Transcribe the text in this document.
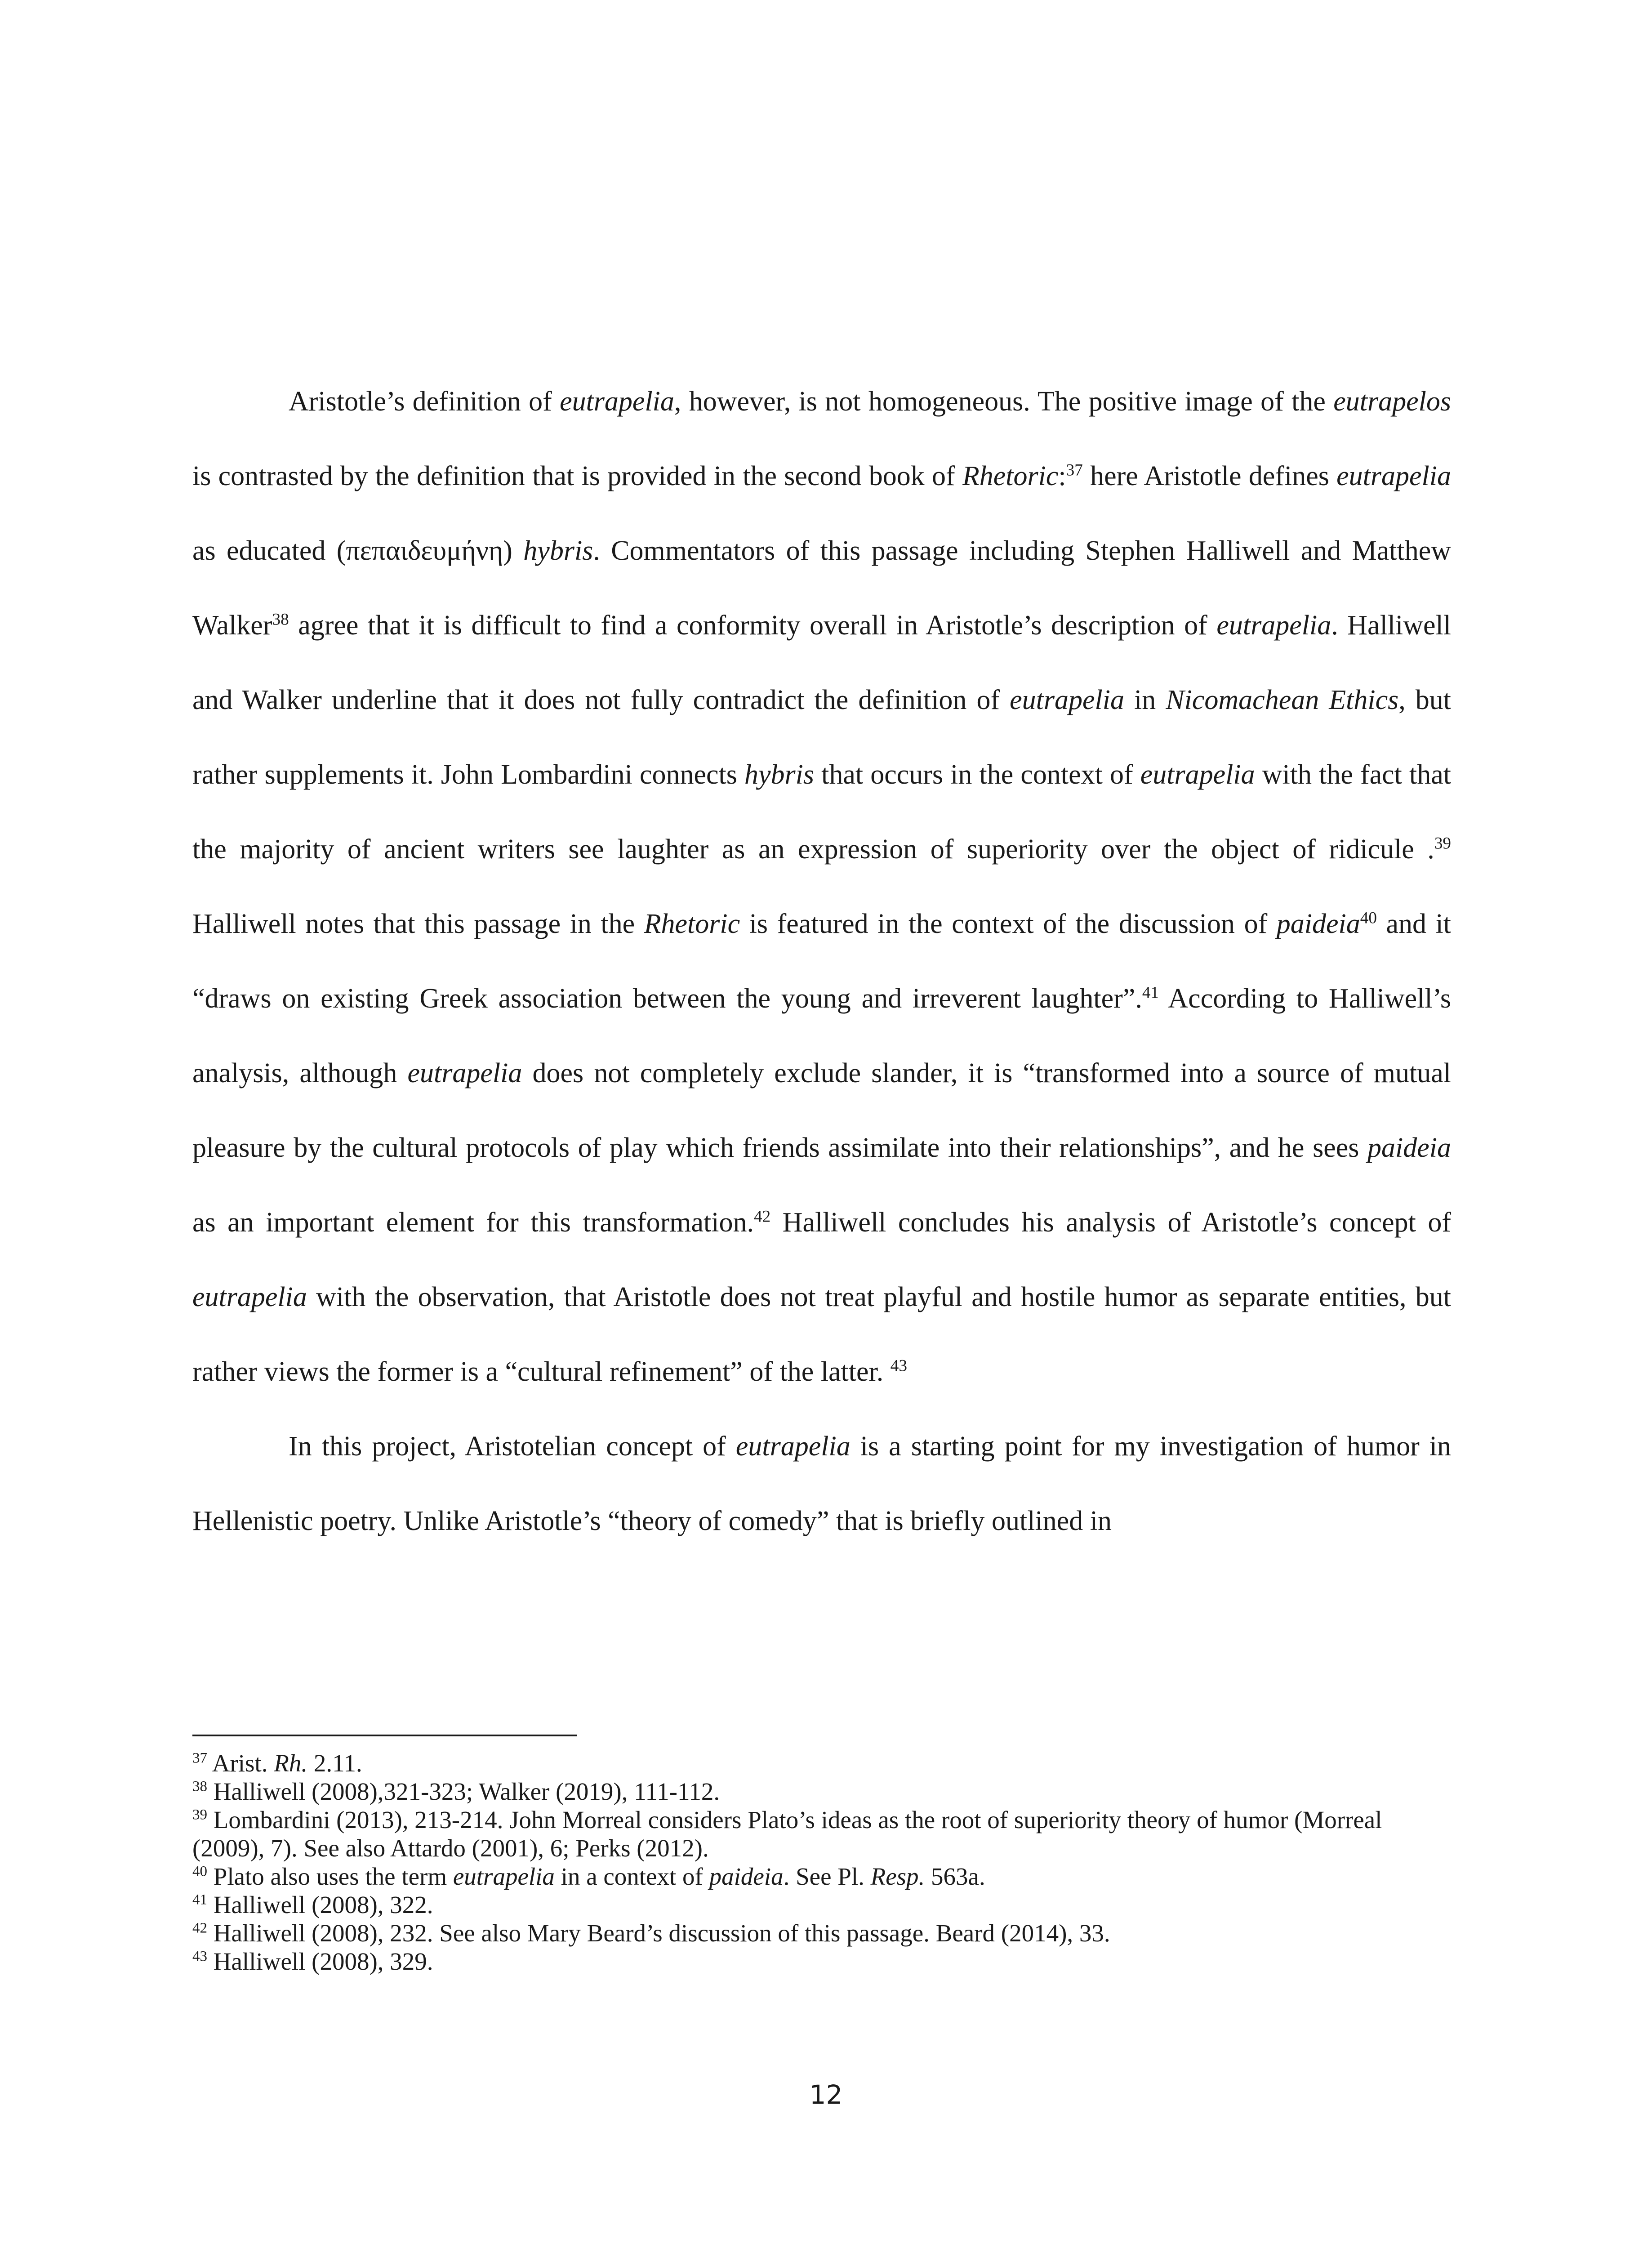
Aristotle’s definition of eutrapelia, however, is not homogeneous. The positive image of the eutrapelos is contrasted by the definition that is provided in the second book of Rhetoric:$^{37}$ here Aristotle defines eutrapelia as educated (πεπαιδευμήνη) hybris. Commentators of this passage including Stephen Halliwell and Matthew Walker$^{38}$ agree that it is difficult to find a conformity overall in Aristotle’s description of eutrapelia. Halliwell and Walker underline that it does not fully contradict the definition of eutrapelia in Nicomachean Ethics, but rather supplements it. John Lombardini connects hybris that occurs in the context of eutrapelia with the fact that the majority of ancient writers see laughter as an expression of superiority over the object of ridicule .$^{39}$ Halliwell notes that this passage in the Rhetoric is featured in the context of the discussion of paideia$^{40}$ and it “draws on existing Greek association between the young and irreverent laughter”.$^{41}$ According to Halliwell’s analysis, although eutrapelia does not completely exclude slander, it is “transformed into a source of mutual pleasure by the cultural protocols of play which friends assimilate into their relationships”, and he sees paideia as an important element for this transformation.$^{42}$ Halliwell concludes his analysis of Aristotle’s concept of eutrapelia with the observation, that Aristotle does not treat playful and hostile humor as separate entities, but rather views the former is a “cultural refinement” of the latter. $^{43}$

In this project, Aristotelian concept of eutrapelia is a starting point for my investigation of humor in Hellenistic poetry. Unlike Aristotle’s “theory of comedy” that is briefly outlined in

$^{37}$ Arist. Rh. 2.11.

$^{38}$ Halliwell (2008),321-323; Walker (2019), 111-112.

$^{39}$ Lombardini (2013), 213-214. John Morreal considers Plato’s ideas as the root of superiority theory of humor (Morreal (2009), 7). See also Attardo (2001), 6; Perks (2012).

$^{40}$ Plato also uses the term eutrapelia in a context of paideia. See Pl. Resp. 563a.

$^{41}$ Halliwell (2008), 322.

$^{42}$ Halliwell (2008), 232. See also Mary Beard’s discussion of this passage. Beard (2014), 33.

$^{43}$ Halliwell (2008), 329.

12
